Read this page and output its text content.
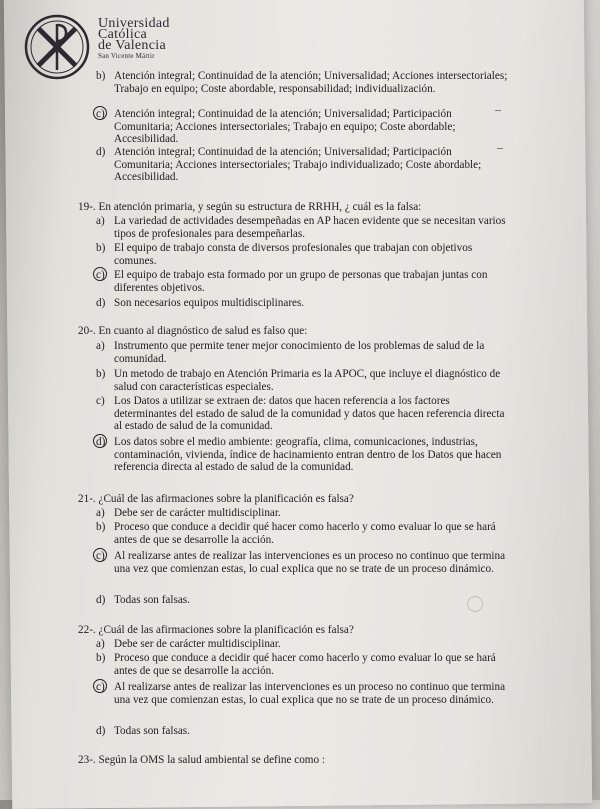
Universidad
Católica
de Valencia
San Vicente Mártir
b) Atención integral; Continuidad de la atención; Universalidad; Acciones intersectoriales; Trabajo en equipo; Coste abordable, responsabilidad; individualización.
c) Atención integral; Continuidad de la atención; Universalidad; Participación Comunitaria; Acciones intersectoriales; Trabajo en equipo; Coste abordable; Accesibilidad.
–
d) Atención integral; Continuidad de la atención; Universalidad; Participación Comunitaria; Acciones intersectoriales; Trabajo individualizado; Coste abordable; Accesibilidad.
–
19-. En atención primaria, y según su estructura de RRHH, ¿ cuál es la falsa:
a) La variedad de actividades desempeñadas en AP hacen evidente que se necesitan varios tipos de profesionales para desempeñarlas.
b) El equipo de trabajo consta de diversos profesionales que trabajan con objetivos comunes.
c) El equipo de trabajo esta formado por un grupo de personas que trabajan juntas con diferentes objetivos.
d) Son necesarios equipos multidisciplinares.
20-. En cuanto al diagnóstico de salud es falso que:
a) Instrumento que permite tener mejor conocimiento de los problemas de salud de la comunidad.
b) Un metodo de trabajo en Atención Primaria es la APOC, que incluye el diagnóstico de salud con características especiales.
c) Los Datos a utilizar se extraen de: datos que hacen referencia a los factores determinantes del estado de salud de la comunidad y datos que hacen referencia directa al estado de salud de la comunidad.
d) Los datos sobre el medio ambiente: geografía, clima, comunicaciones, industrias, contaminación, vivienda, índice de hacinamiento entran dentro de los Datos que hacen referencia directa al estado de salud de la comunidad.
21-. ¿Cuál de las afirmaciones sobre la planificación es falsa?
a) Debe ser de carácter multidisciplinar.
b) Proceso que conduce a decidir qué hacer como hacerlo y como evaluar lo que se hará antes de que se desarrolle la acción.
c) Al realizarse antes de realizar las intervenciones es un proceso no continuo que termina una vez que comienzan estas, lo cual explica que no se trate de un proceso dinámico.
d) Todas son falsas.
22-. ¿Cuál de las afirmaciones sobre la planificación es falsa?
a) Debe ser de carácter multidisciplinar.
b) Proceso que conduce a decidir qué hacer como hacerlo y como evaluar lo que se hará antes de que se desarrolle la acción.
c) Al realizarse antes de realizar las intervenciones es un proceso no continuo que termina una vez que comienzan estas, lo cual explica que no se trate de un proceso dinámico.
d) Todas son falsas.
23-. Según la OMS la salud ambiental se define como :
